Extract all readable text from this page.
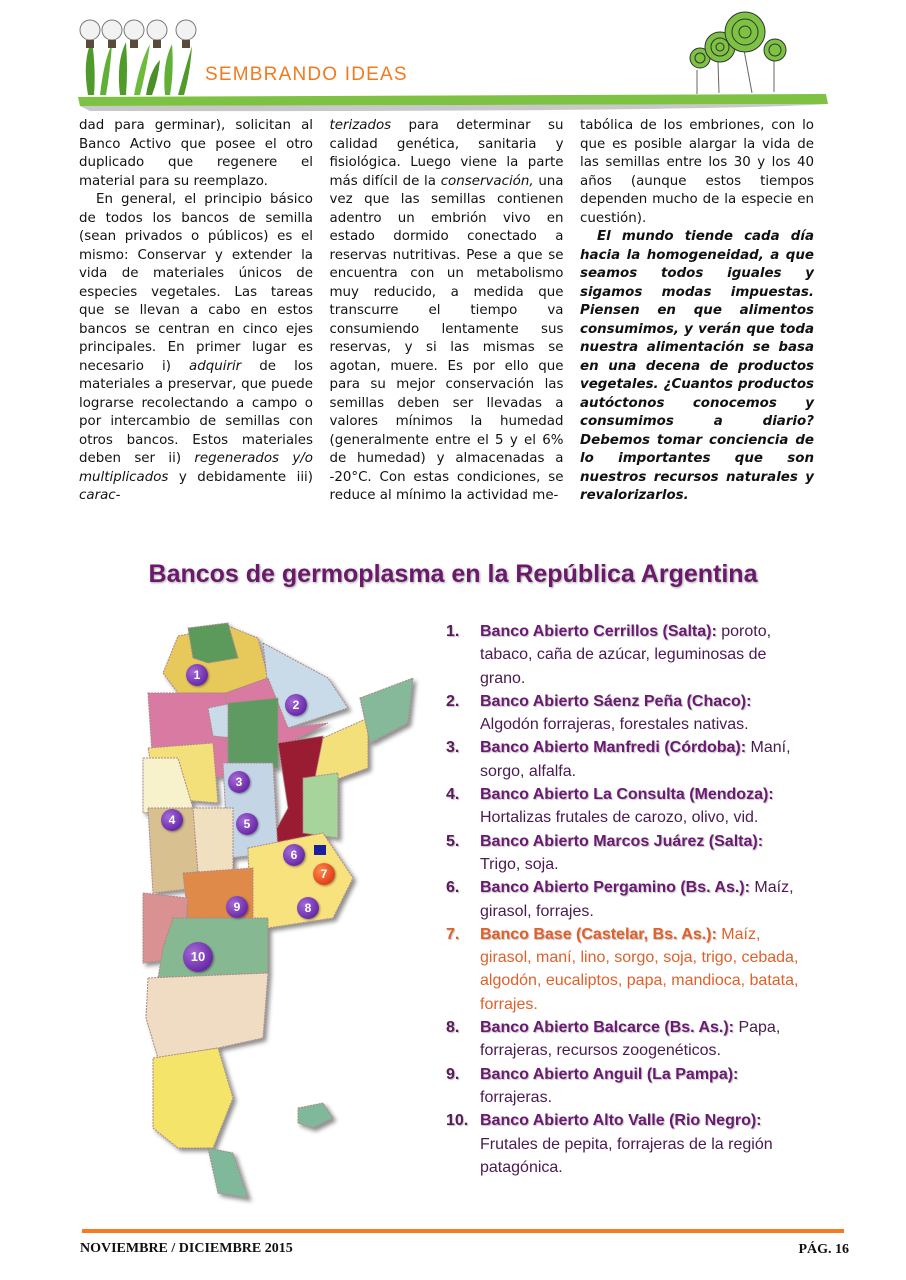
SEMBRANDO IDEAS

dad para germinar), solicitan al Banco Activo que posee el otro duplicado que regenere el material para su reemplazo.

En general, el principio básico de todos los bancos de semilla (sean privados o públicos) es el mismo: Conservar y extender la vida de materiales únicos de especies vegetales. Las tareas que se llevan a cabo en estos bancos se centran en cinco ejes principales. En primer lugar es necesario i) adquirir de los materiales a preservar, que puede lograrse recolectando a campo o por intercambio de semillas con otros bancos. Estos materiales deben ser ii) regenerados y/o multiplicados y debidamente iii) carac-

terizados para determinar su calidad genética, sanitaria y fisiológica. Luego viene la parte más difícil de la conservación, una vez que las semillas contienen adentro un embrión vivo en estado dormido conectado a reservas nutritivas. Pese a que se encuentra con un metabolismo muy reducido, a medida que transcurre el tiempo va consumiendo lentamente sus reservas, y si las mismas se agotan, muere. Es por ello que para su mejor conservación las semillas deben ser llevadas a valores mínimos la humedad (generalmente entre el 5 y el 6% de humedad) y almacenadas a -20°C. Con estas condiciones, se reduce al mínimo la actividad me-

tabólica de los embriones, con lo que es posible alargar la vida de las semillas entre los 30 y los 40 años (aunque estos tiempos dependen mucho de la especie en cuestión).

El mundo tiende cada día hacia la homogeneidad, a que seamos todos iguales y sigamos modas impuestas. Piensen en que alimentos consumimos, y verán que toda nuestra alimentación se basa en una decena de productos vegetales. ¿Cuantos productos autóctonos conocemos y consumimos a diario? Debemos tomar conciencia de lo importantes que son nuestros recursos naturales y revalorizarlos.

Bancos de germoplasma en la República Argentina
1
2
3
4	5
6
7
8
9
10
1.	Banco Abierto Cerrillos (Salta): poroto, tabaco, caña de azúcar, leguminosas de grano.
2.	Banco Abierto Sáenz Peña (Chaco): Algodón forrajeras, forestales nativas.
3.	Banco Abierto Manfredi (Córdoba): Maní, sorgo, alfalfa.
4.	Banco Abierto La Consulta (Mendoza): Hortalizas frutales de carozo, olivo, vid.
5.	Banco Abierto Marcos Juárez (Salta): Trigo, soja.
6.	Banco Abierto Pergamino (Bs. As.): Maíz, girasol, forrajes.
7.	Banco Base (Castelar, Bs. As.): Maíz, girasol, maní, lino, sorgo, soja, trigo, cebada, algodón, eucaliptos, papa, mandioca, batata, forrajes.
8.	Banco Abierto Balcarce (Bs. As.): Papa, forrajeras, recursos zoogenéticos.
9.	Banco Abierto Anguil (La Pampa): forrajeras.
10. Banco Abierto Alto Valle (Rio Negro): Frutales de pepita, forrajeras de la región patagónica.
NOVIEMBRE / DICIEMBRE 2015	PÁG. 16
